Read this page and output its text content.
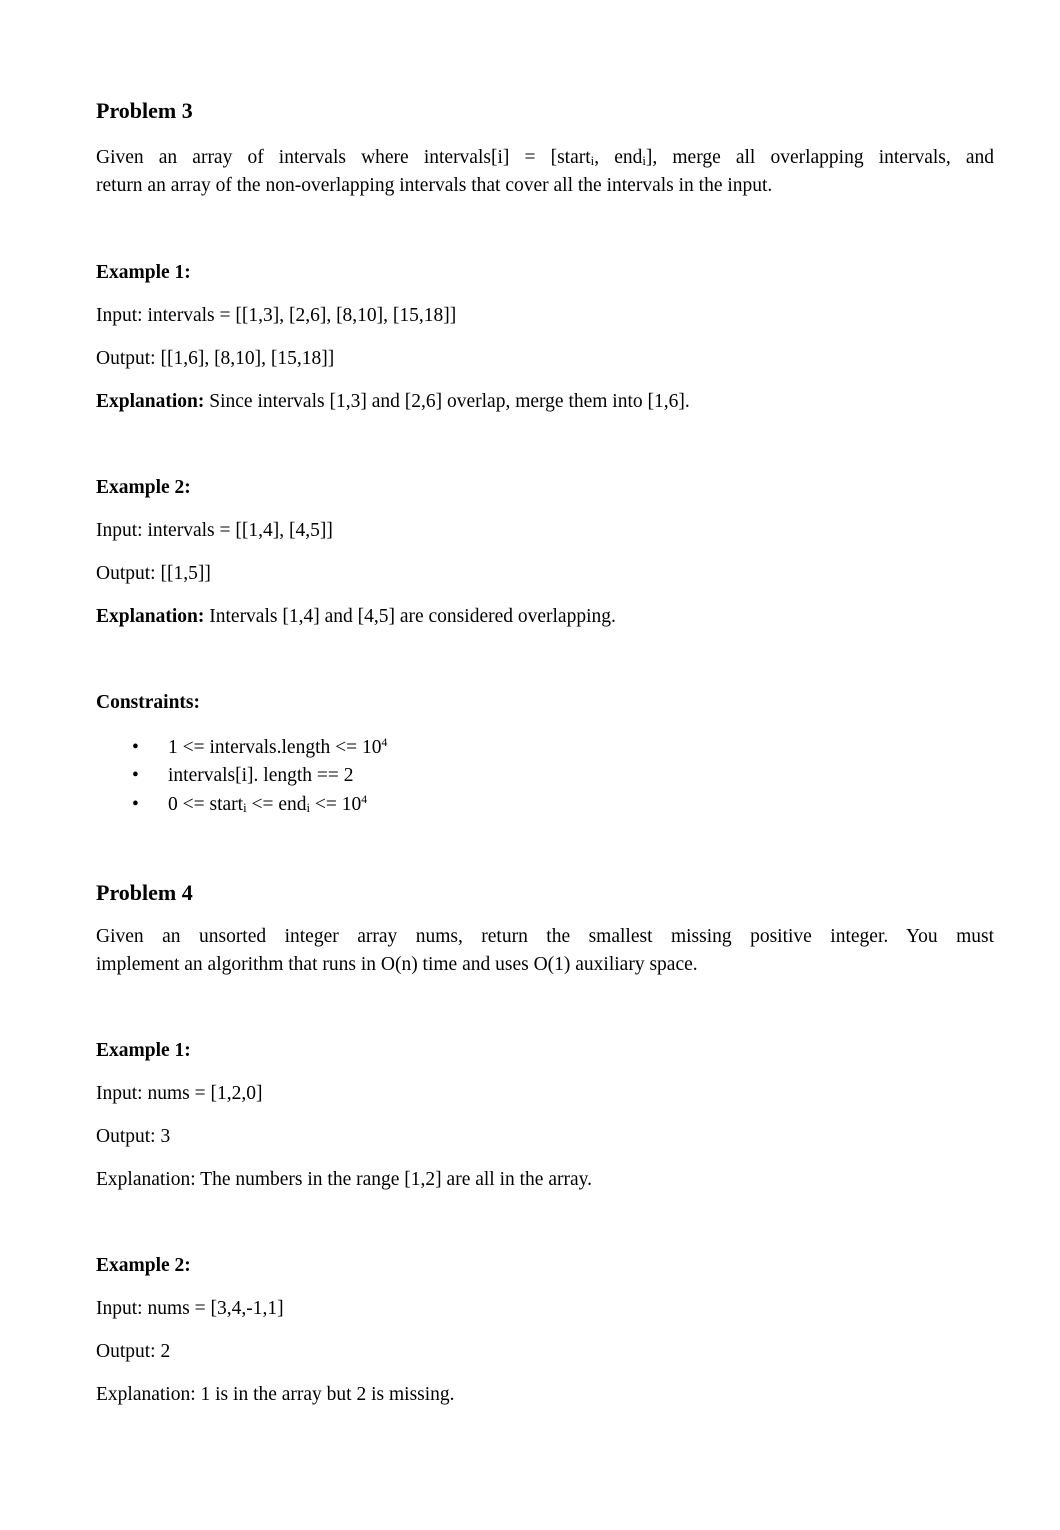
Problem 3
Given an array of intervals where intervals[i] = [start$_i$, end$_i$], merge all overlapping intervals, and
return an array of the non-overlapping intervals that cover all the intervals in the input.
Example 1:
Input: intervals = [[1,3], [2,6], [8,10], [15,18]]
Output: [[1,6], [8,10], [15,18]]
Explanation: Since intervals [1,3] and [2,6] overlap, merge them into [1,6].
Example 2:
Input: intervals = [[1,4], [4,5]]
Output: [[1,5]]
Explanation: Intervals [1,4] and [4,5] are considered overlapping.
Constraints:
• 1 <= intervals.length <= $10^4$
• intervals[i]. length == 2
• 0 <= start$_i$ <= $end_i <= 10^4$
Problem 4
Given an unsorted integer array nums, return the smallest missing positive integer. You must
implement an algorithm that runs in O(n) time and uses O(1) auxiliary space.
Example 1:
Input: nums = [1,2,0]
Output: 3
Explanation: The numbers in the range [1,2] are all in the array.
Example 2:
Input: nums = [3,4,-1,1]
Output: 2
Explanation: 1 is in the array but 2 is missing.
